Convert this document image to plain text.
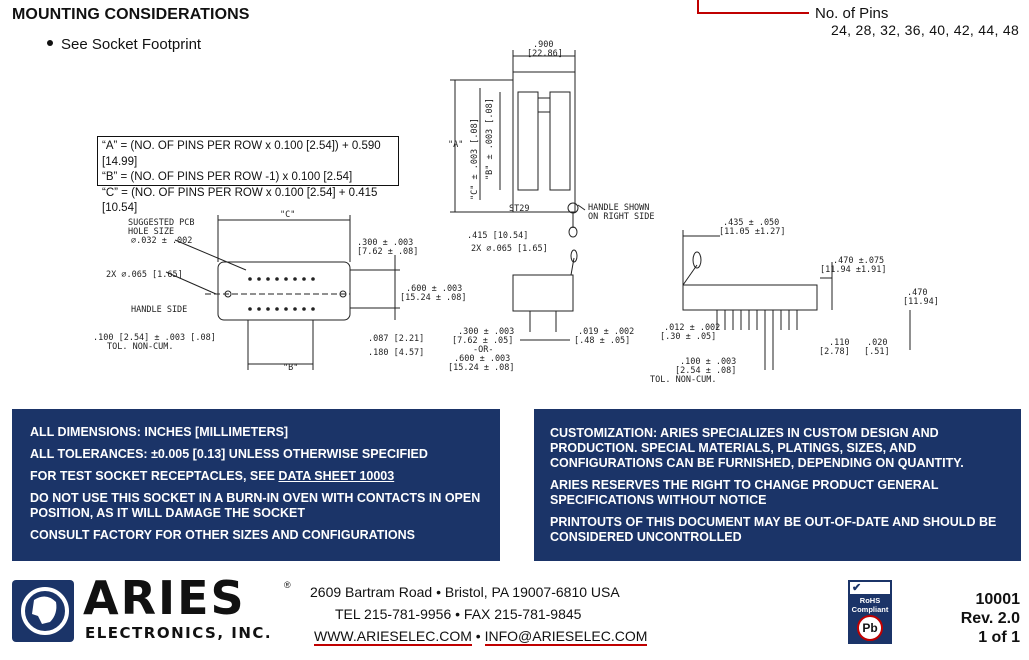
MOUNTING CONSIDERATIONS
See Socket Footprint
No. of Pins
24, 28, 32, 36, 40, 42, 44, 48
“A” = (NO. OF PINS PER ROW x 0.100 [2.54]) + 0.590 [14.99]
“B” = (NO. OF PINS PER ROW -1) x 0.100 [2.54]
“C” = (NO. OF PINS PER ROW x 0.100 [2.54] + 0.415 [10.54]
.900
[22.86]
"A" "C" ± .003 [.08] "B" ± .003 [.08]
HANDLE SHOWN
ON RIGHT SIDE
ST29
.415 [10.54]
2X ∅.065 [1.65]
SUGGESTED PCB
HOLE SIZE
∅.032 ± .002
"C"
.300 ± .003
[7.62 ± .08]
2X ∅.065 [1.65]
.600 ± .003
[15.24 ± .08]
HANDLE SIDE
.100 [2.54] ± .003 [.08]
TOL. NON-CUM.
.087 [2.21]
.180 [4.57]
"B"
.300 ± .003
[7.62 ± .05]
-OR-
.600 ± .003
[15.24 ± .08]
.019 ± .002
[.48 ± .05]
.435 ± .050
[11.05 ±1.27]
.470 ±.075
[11.94 ±1.91]
.470
[11.94]
.012 ± .002
[.30 ± .05]
.110
[2.78]
.020
[.51]
.100 ± .003
[2.54 ± .08]
TOL. NON-CUM.

ALL DIMENSIONS: INCHES [MILLIMETERS]

ALL TOLERANCES: ±0.005 [0.13] UNLESS OTHERWISE SPECIFIED

FOR TEST SOCKET RECEPTACLES, SEE DATA SHEET 10003

DO NOT USE THIS SOCKET IN A BURN-IN OVEN WITH CONTACTS IN OPEN POSITION, AS IT WILL DAMAGE THE SOCKET

CONSULT FACTORY FOR OTHER SIZES AND CONFIGURATIONS

CUSTOMIZATION: ARIES SPECIALIZES IN CUSTOM DESIGN AND PRODUCTION. SPECIAL MATERIALS, PLATINGS, SIZES, AND CONFIGURATIONS CAN BE FURNISHED, DEPENDING ON QUANTITY.

ARIES RESERVES THE RIGHT TO CHANGE PRODUCT GENERAL SPECIFICATIONS WITHOUT NOTICE

PRINTOUTS OF THIS DOCUMENT MAY BE OUT-OF-DATE AND SHOULD BE CONSIDERED UNCONTROLLED

ARIES	®
ELECTRONICS, INC.
2609 Bartram Road • Bristol, PA 19007-6810 USA
TEL 215-781-9956 • FAX 215-781-9845
WWW.ARIESELEC.COM • INFO@ARIESELEC.COM
✔
RoHS
Compliant
Pb
10001
Rev. 2.0
1 of 1
